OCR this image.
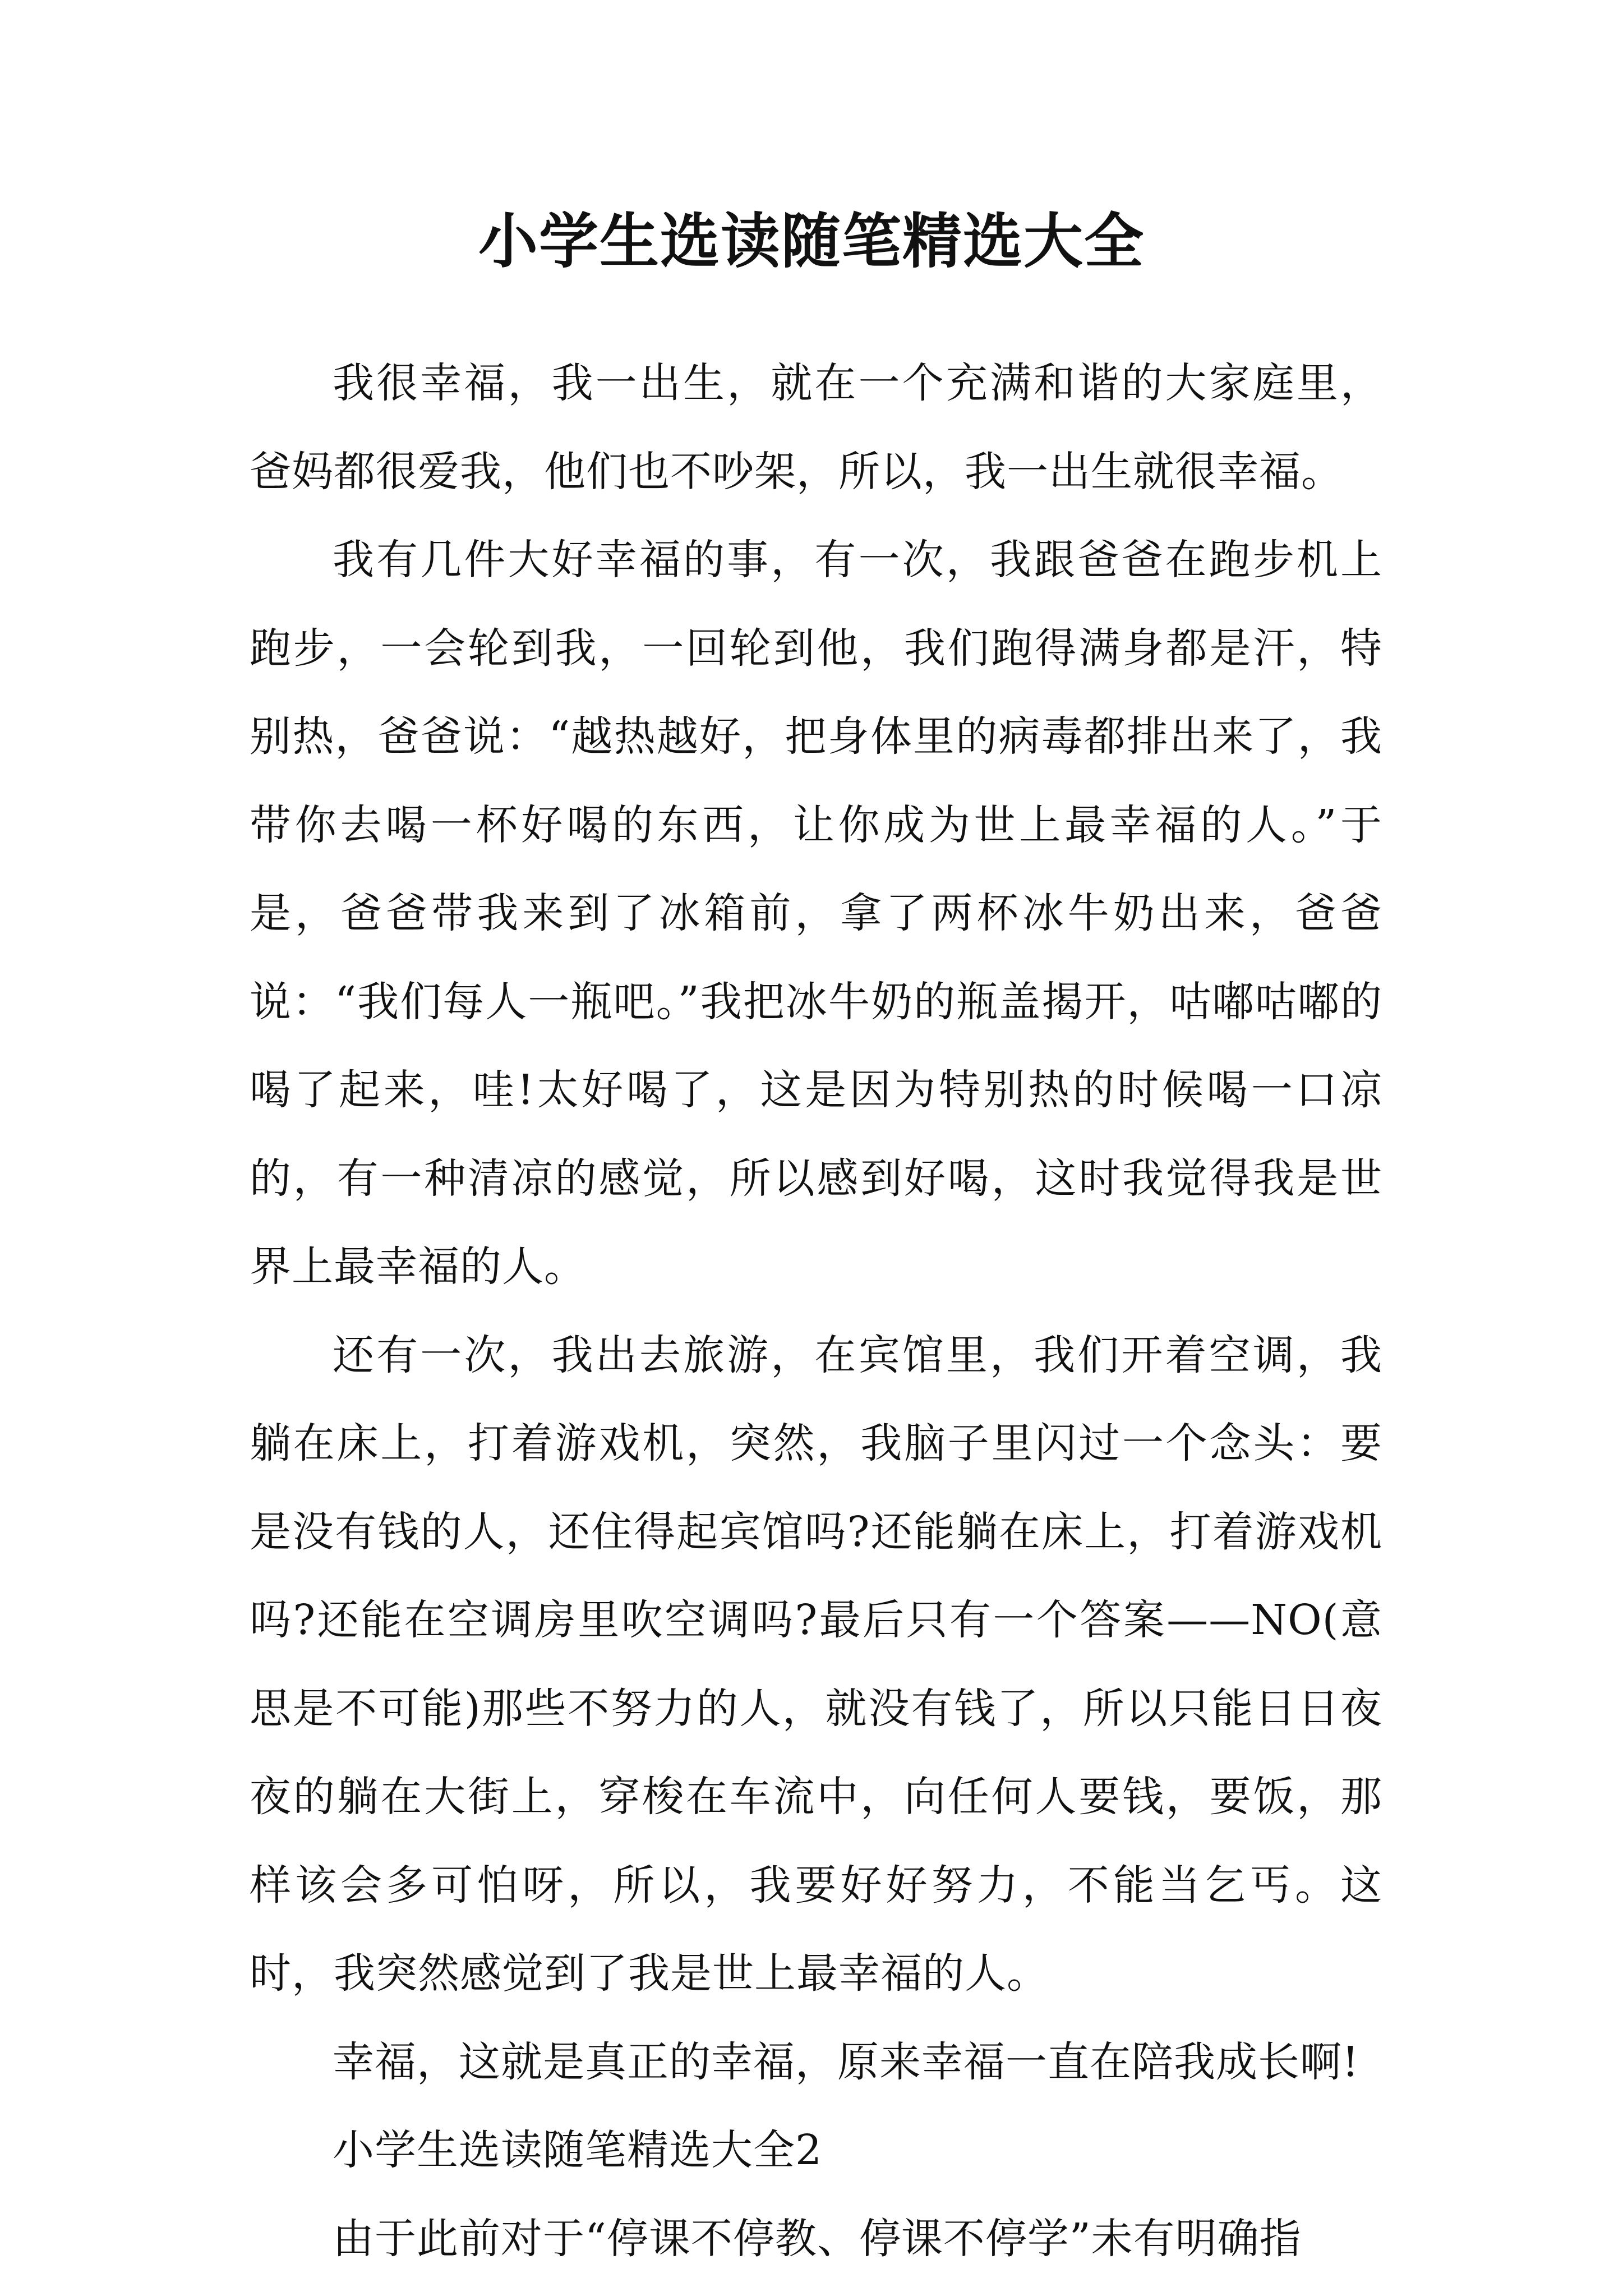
小学生选读随笔精选大全

我很幸福，我一出生，就在一个充满和谐的大家庭里，爸妈都很爱我，他们也不吵架，所以，我一出生就很幸福。

我有几件大好幸福的事，有一次，我跟爸爸在跑步机上跑步，一会轮到我，一回轮到他，我们跑得满身都是汗，特别热，爸爸说：“越热越好，把身体里的病毒都排出来了，我带你去喝一杯好喝的东西，让你成为世上最幸福的人。”于是，爸爸带我来到了冰箱前，拿了两杯冰牛奶出来，爸爸说：“我们每人一瓶吧。”我把冰牛奶的瓶盖揭开，咕嘟咕嘟的喝了起来，哇!太好喝了，这是因为特别热的时候喝一口凉的，有一种清凉的感觉，所以感到好喝，这时我觉得我是世界上最幸福的人。

还有一次，我出去旅游，在宾馆里，我们开着空调，我躺在床上，打着游戏机，突然，我脑子里闪过一个念头：要是没有钱的人，还住得起宾馆吗?还能躺在床上，打着游戏机吗?还能在空调房里吹空调吗?最后只有一个答案——NO(意思是不可能)那些不努力的人，就没有钱了，所以只能日日夜夜的躺在大街上，穿梭在车流中，向任何人要钱，要饭，那样该会多可怕呀，所以，我要好好努力，不能当乞丐。这时，我突然感觉到了我是世上最幸福的人。

幸福，这就是真正的幸福，原来幸福一直在陪我成长啊!

小学生选读随笔精选大全2

由于此前对于“停课不停教、停课不停学”未有明确指
